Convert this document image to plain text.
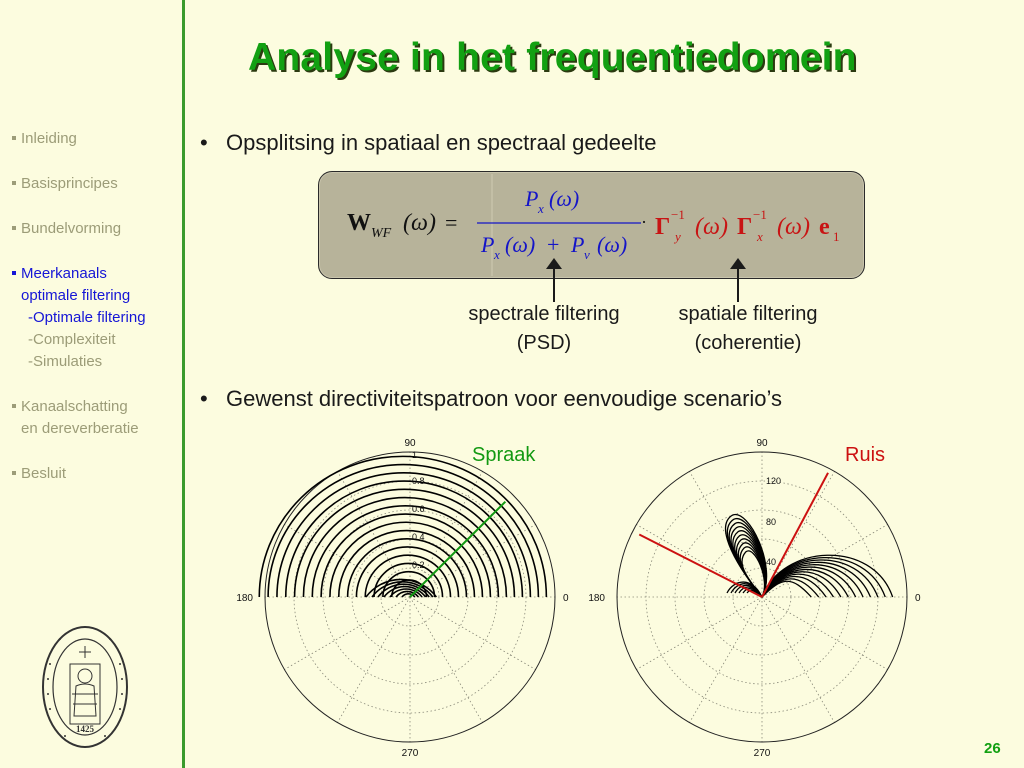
Analyse in het frequentiedomein
Inleiding
Basisprincipes
Bundelvorming
Meerkanaals
optimale filtering
-Optimale filtering
-Complexiteit
-Simulaties
Kanaalschatting
en dereverberatie
Besluit
• Opsplitsing in spatiaal en spectraal gedeelte
• Gewenst directiviteitspatroon voor eenvoudige scenario’s
W WF (ω) =
P x (ω)
P x (ω) + P v (ω)
· Γ −1
y (ω) Γ −1
x (ω) e 1
spectrale filtering
(PSD)
spatiale filtering
(coherentie)
90
180	0
270
1
0.8
0.6
0.4
0.2
Spraak
90
180	0
270
120
80
40
Ruis
1425
26
